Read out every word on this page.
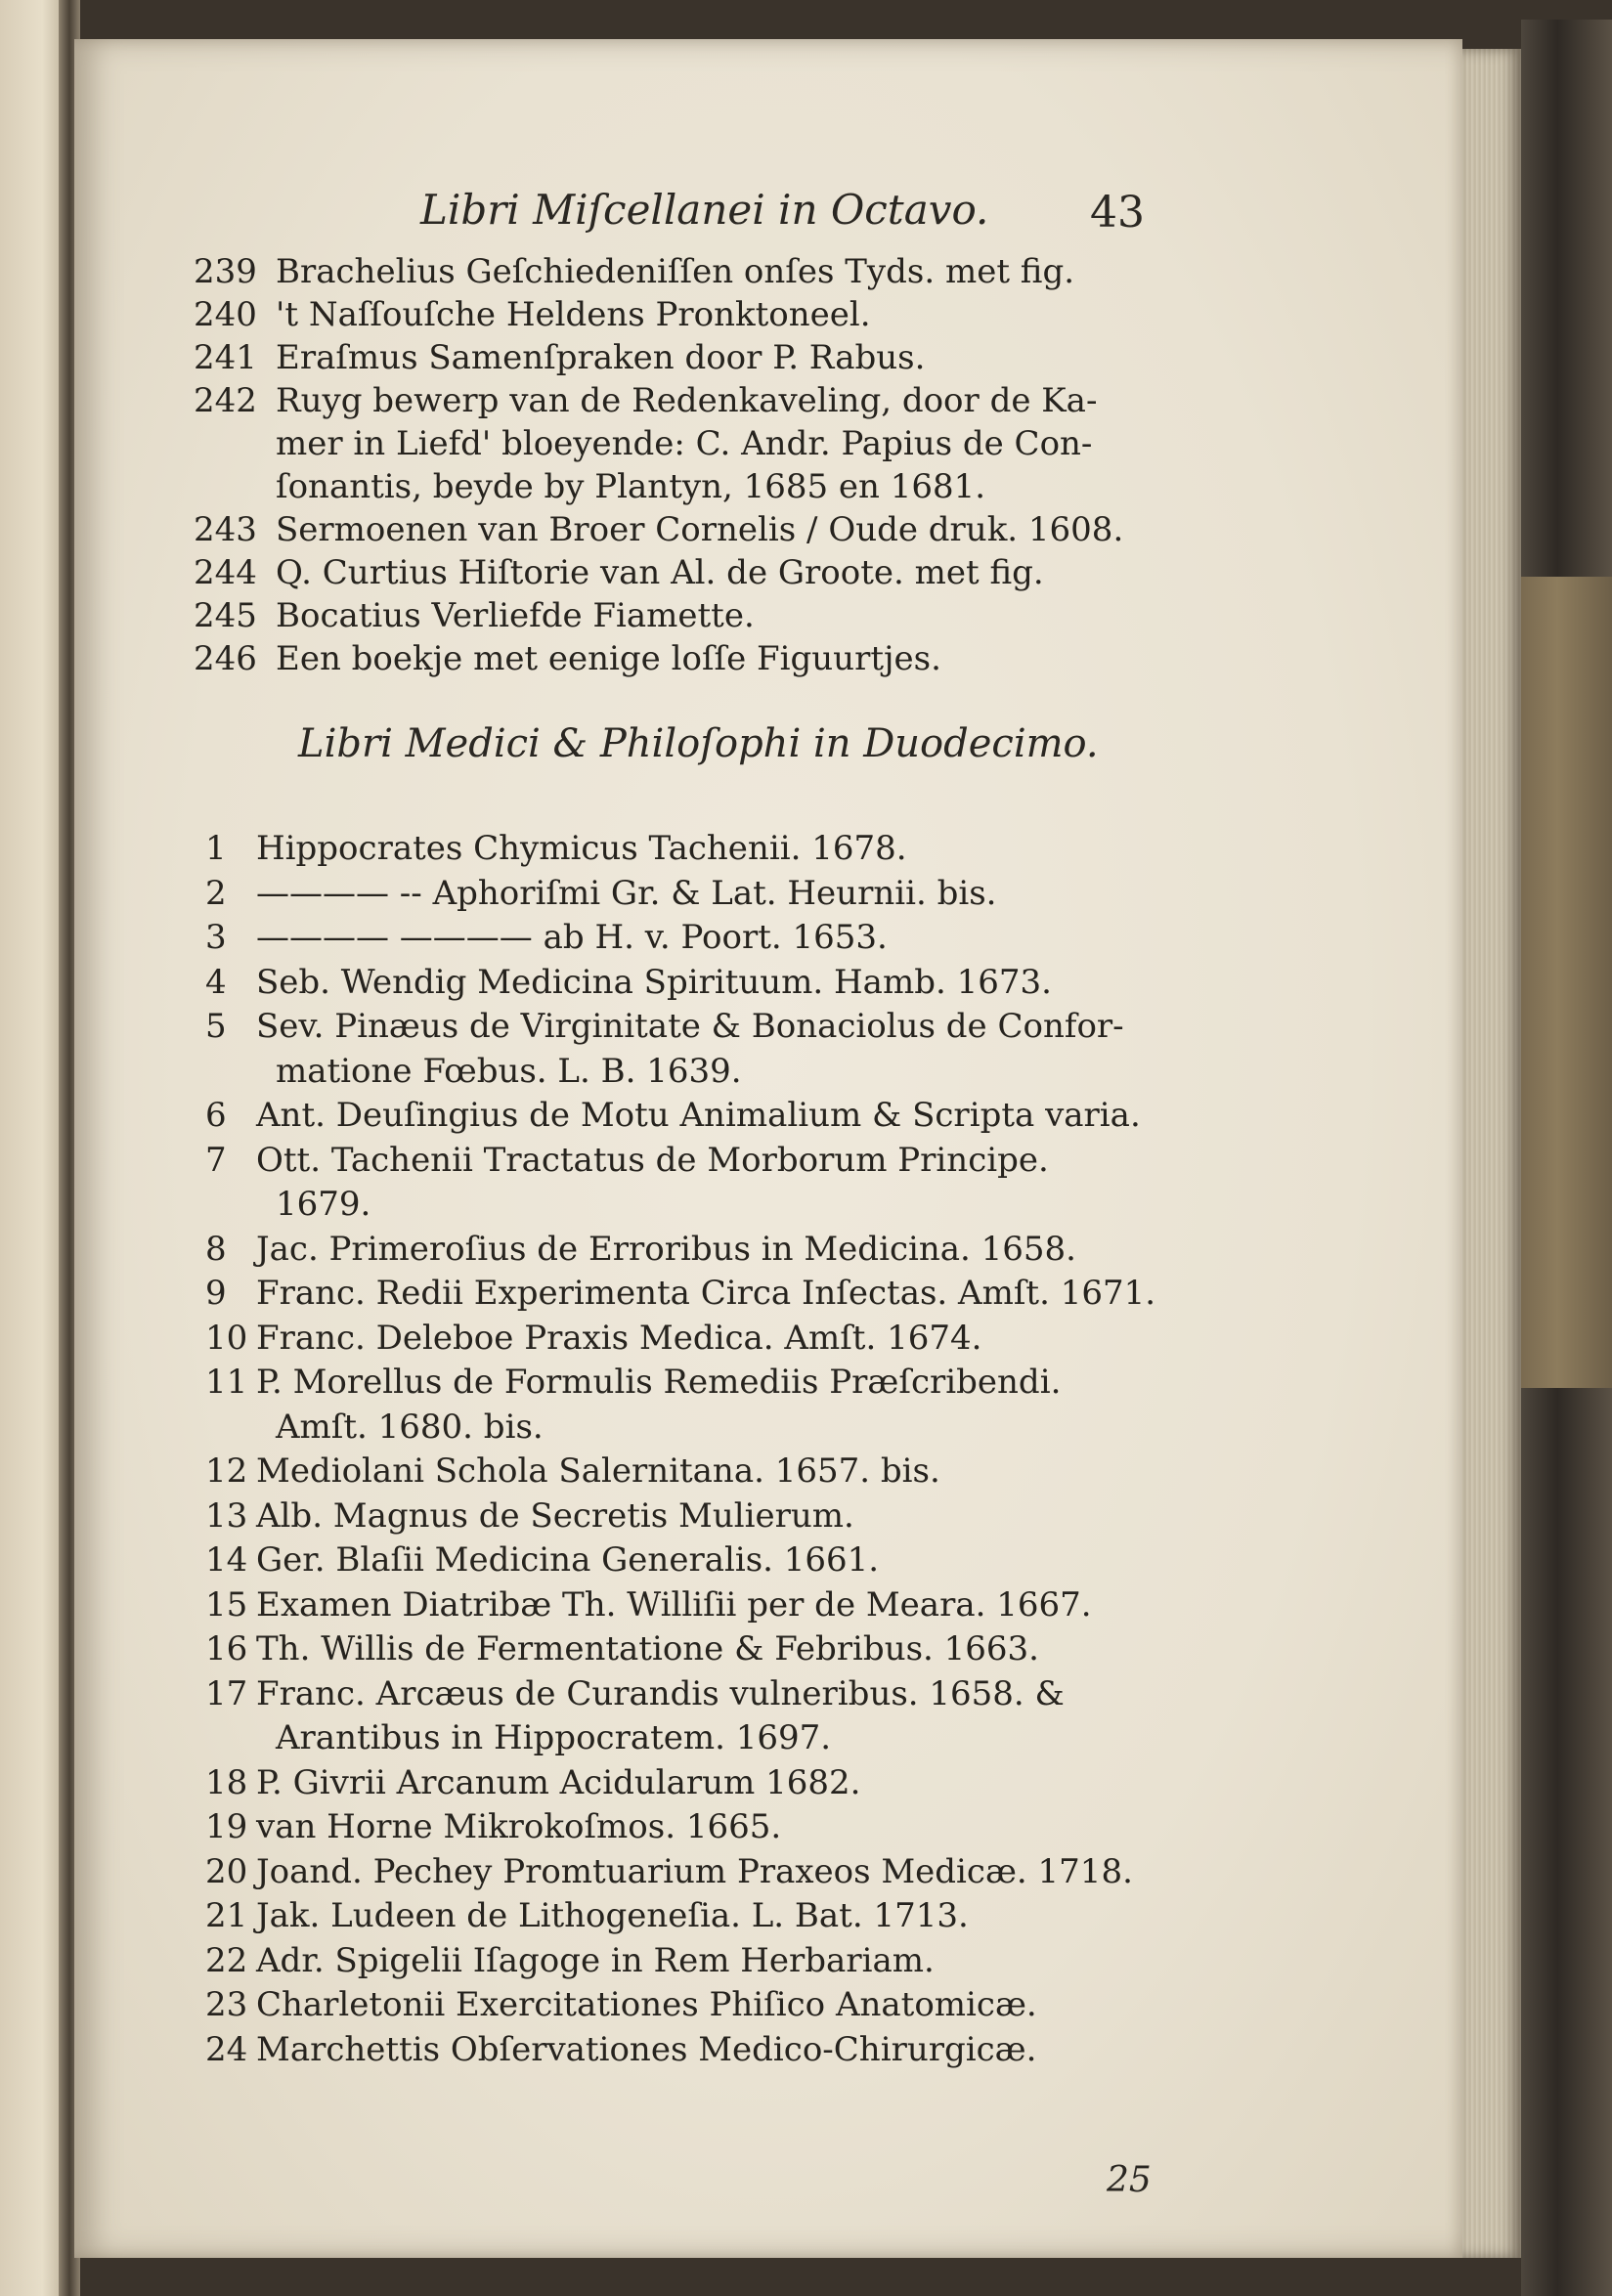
Libri Miſcellanei in Octavo. 43
239 Brachelius Geſchiedeniſſen onſes Tyds. met fig.
240 't Naſſouſche Heldens Pronktoneel.
241 Eraſmus Samenſpraken door P. Rabus.
242 Ruyg bewerp van de Redenkaveling, door de Ka-
mer in Liefd' bloeyende: C. Andr. Papius de Con-
ſonantis, beyde by Plantyn, 1685 en 1681.
243 Sermoenen van Broer Cornelis / Oude druk. 1608.
244 Q. Curtius Hiſtorie van Al. de Groote. met fig.
245 Bocatius Verliefde Fiamette.
246 Een boekje met eenige loſſe Figuurtjes.
Libri Medici & Philoſophi in Duodecimo.
1 Hippocrates Chymicus Tachenii. 1678.
2 ———— -- Aphoriſmi Gr. & Lat. Heurnii. bis.
3 ———— ———— ab H. v. Poort. 1653.
4 Seb. Wendig Medicina Spirituum. Hamb. 1673.
5 Sev. Pinæus de Virginitate & Bonaciolus de Confor-
matione Fœbus. L. B. 1639.
6 Ant. Deuſingius de Motu Animalium & Scripta varia.
7 Ott. Tachenii Tractatus de Morborum Principe.
1679.
8 Jac. Primeroſius de Erroribus in Medicina. 1658.
9 Franc. Redii Experimenta Circa Inſectas. Amſt. 1671.
10 Franc. Deleboe Praxis Medica. Amſt. 1674.
11 P. Morellus de Formulis Remediis Præſcribendi.
Amſt. 1680. bis.
12 Mediolani Schola Salernitana. 1657. bis.
13 Alb. Magnus de Secretis Mulierum.
14 Ger. Blaſii Medicina Generalis. 1661.
15 Examen Diatribæ Th. Williſii per de Meara. 1667.
16 Th. Willis de Fermentatione & Febribus. 1663.
17 Franc. Arcæus de Curandis vulneribus. 1658. &
Arantibus in Hippocratem. 1697.
18 P. Givrii Arcanum Acidularum 1682.
19 van Horne Mikrokoſmos. 1665.
20 Joand. Pechey Promtuarium Praxeos Medicæ. 1718.
21 Jak. Ludeen de Lithogeneſia. L. Bat. 1713.
22 Adr. Spigelii Iſagoge in Rem Herbariam.
23 Charletonii Exercitationes Phiſico Anatomicæ.
24 Marchettis Obſervationes Medico-Chirurgicæ.
25
